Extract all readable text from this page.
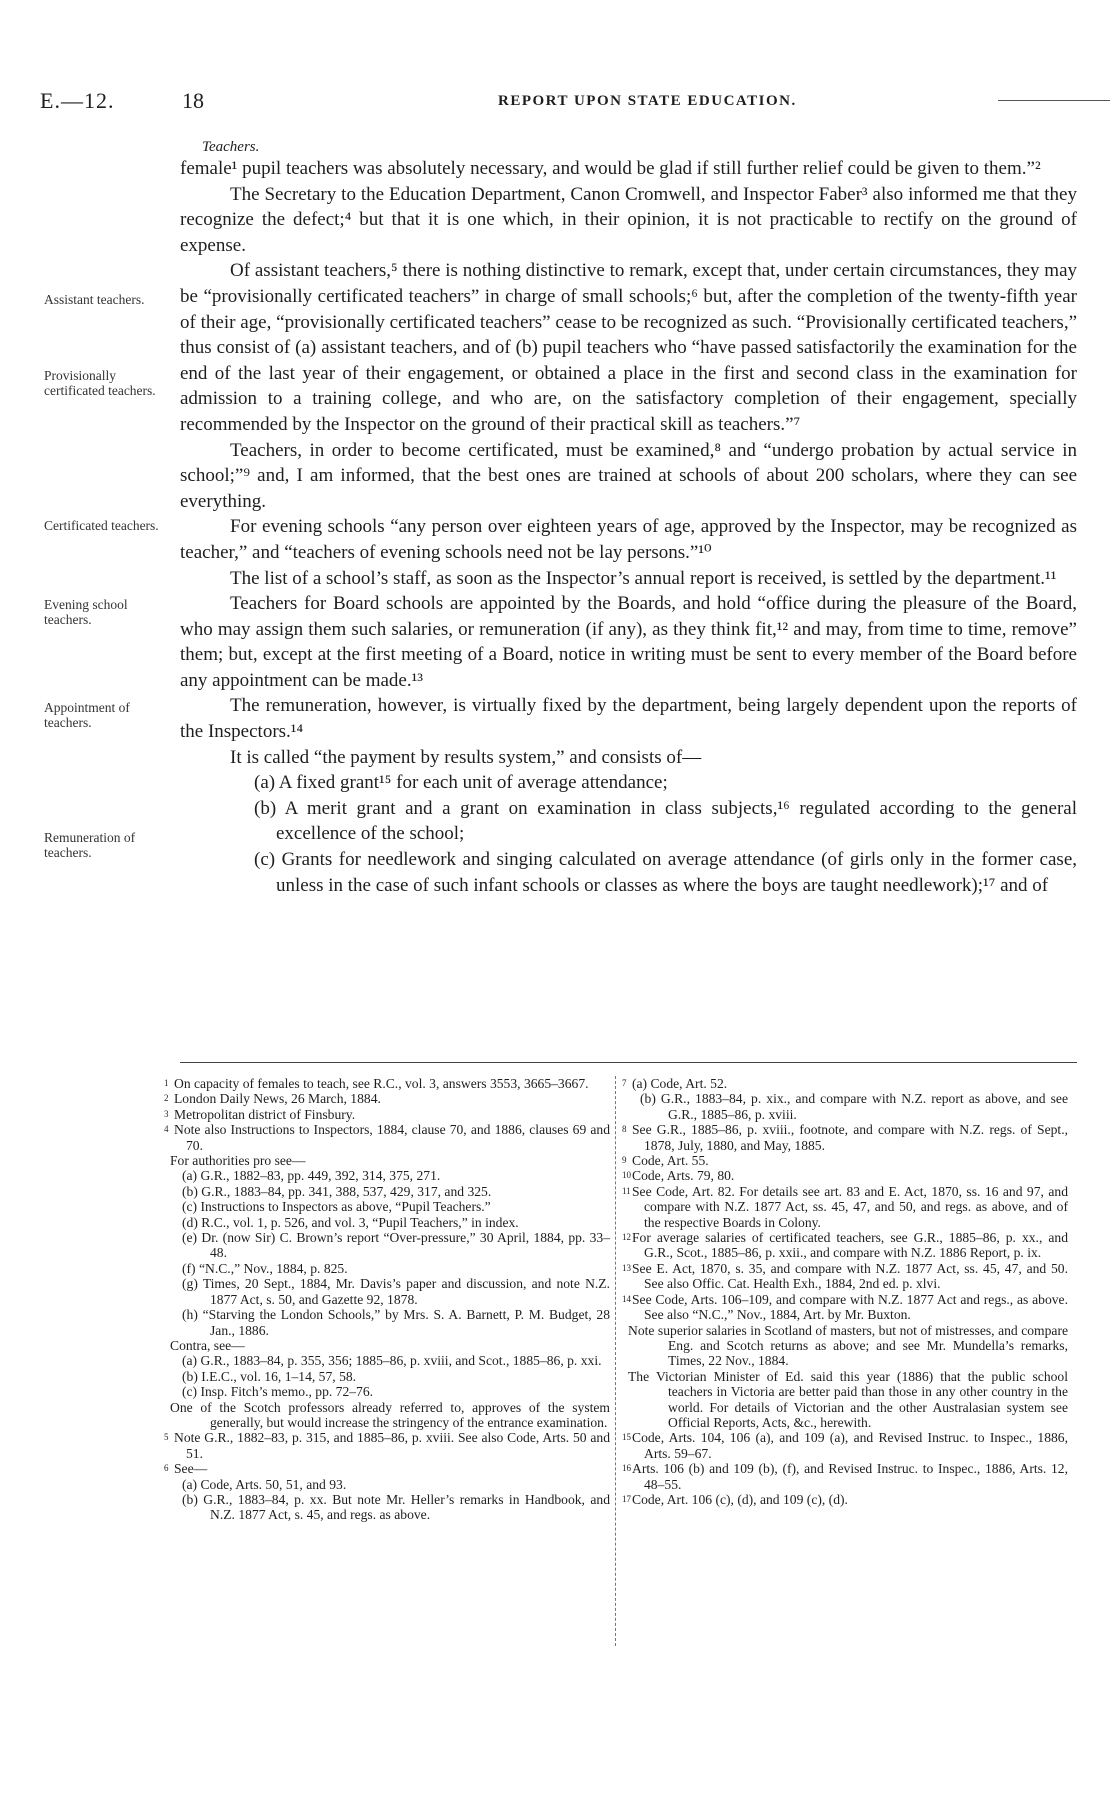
E.—12.	18	REPORT UPON STATE EDUCATION.
Assistant teachers.
Provisionally certificated teachers.
Certificated teachers.
Evening school teachers.
Appointment of teachers.
Remuneration of teachers.
Teachers.

female¹ pupil teachers was absolutely necessary, and would be glad if still further relief could be given to them.”²

The Secretary to the Education Department, Canon Cromwell, and Inspector Faber³ also informed me that they recognize the defect;⁴ but that it is one which, in their opinion, it is not practicable to rectify on the ground of expense.

Of assistant teachers,⁵ there is nothing distinctive to remark, except that, under certain circumstances, they may be “provisionally certificated teachers” in charge of small schools;⁶ but, after the completion of the twenty-fifth year of their age, “provisionally certificated teachers” cease to be recognized as such. “Provisionally certificated teachers,” thus consist of (a) assistant teachers, and of (b) pupil teachers who “have passed satisfactorily the examination for the end of the last year of their engagement, or obtained a place in the first and second class in the examination for admission to a training college, and who are, on the satisfactory completion of their engagement, specially recommended by the Inspector on the ground of their practical skill as teachers.”⁷

Teachers, in order to become certificated, must be examined,⁸ and “undergo probation by actual service in school;”⁹ and, I am informed, that the best ones are trained at schools of about 200 scholars, where they can see everything.

For evening schools “any person over eighteen years of age, approved by the Inspector, may be recognized as teacher,” and “teachers of evening schools need not be lay persons.”¹⁰

The list of a school’s staff, as soon as the Inspector’s annual report is received, is settled by the department.¹¹

Teachers for Board schools are appointed by the Boards, and hold “office during the pleasure of the Board, who may assign them such salaries, or remuneration (if any), as they think fit,¹² and may, from time to time, remove” them; but, except at the first meeting of a Board, notice in writing must be sent to every member of the Board before any appointment can be made.¹³

The remuneration, however, is virtually fixed by the department, being largely dependent upon the reports of the Inspectors.¹⁴

It is called “the payment by results system,” and consists of—

(a) A fixed grant¹⁵ for each unit of average attendance;

(b) A merit grant and a grant on examination in class subjects,¹⁶ regulated according to the general excellence of the school;

(c) Grants for needlework and singing calculated on average attendance (of girls only in the former case, unless in the case of such infant schools or classes as where the boys are taught needlework);¹⁷ and of

1 On capacity of females to teach, see R.C., vol. 3, answers 3553, 3665–3667.
2 London Daily News, 26 March, 1884.
3 Metropolitan district of Finsbury.
4 Note also Instructions to Inspectors, 1884, clause 70, and 1886, clauses 69 and 70.
For authorities pro see—
(a) G.R., 1882–83, pp. 449, 392, 314, 375, 271.
(b) G.R., 1883–84, pp. 341, 388, 537, 429, 317, and 325.
(c) Instructions to Inspectors as above, “Pupil Teachers.”
(d) R.C., vol. 1, p. 526, and vol. 3, “Pupil Teachers,” in index.
(e) Dr. (now Sir) C. Brown’s report “Over-pressure,” 30 April, 1884, pp. 33–48.
(f) “N.C.,” Nov., 1884, p. 825.
(g) Times, 20 Sept., 1884, Mr. Davis’s paper and discussion, and note N.Z. 1877 Act, s. 50, and Gazette 92, 1878.
(h) “Starving the London Schools,” by Mrs. S. A. Barnett, P. M. Budget, 28 Jan., 1886.
Contra, see—
(a) G.R., 1883–84, p. 355, 356; 1885–86, p. xviii, and Scot., 1885–86, p. xxi.
(b) I.E.C., vol. 16, 1–14, 57, 58.
(c) Insp. Fitch’s memo., pp. 72–76.
One of the Scotch professors already referred to, approves of the system generally, but would increase the stringency of the entrance examination.
5 Note G.R., 1882–83, p. 315, and 1885–86, p. xviii. See also Code, Arts. 50 and 51.
6 See—
(a) Code, Arts. 50, 51, and 93.
(b) G.R., 1883–84, p. xx. But note Mr. Heller’s remarks in Handbook, and N.Z. 1877 Act, s. 45, and regs. as above.
7 (a) Code, Art. 52.
(b) G.R., 1883–84, p. xix., and compare with N.Z. report as above, and see G.R., 1885–86, p. xviii.
8 See G.R., 1885–86, p. xviii., footnote, and compare with N.Z. regs. of Sept., 1878, July, 1880, and May, 1885.
9 Code, Art. 55.
10Code, Arts. 79, 80.
11See Code, Art. 82. For details see art. 83 and E. Act, 1870, ss. 16 and 97, and compare with N.Z. 1877 Act, ss. 45, 47, and 50, and regs. as above, and of the respective Boards in Colony.
12For average salaries of certificated teachers, see G.R., 1885–86, p. xx., and G.R., Scot., 1885–86, p. xxii., and compare with N.Z. 1886 Report, p. ix.
13See E. Act, 1870, s. 35, and compare with N.Z. 1877 Act, ss. 45, 47, and 50. See also Offic. Cat. Health Exh., 1884, 2nd ed. p. xlvi.
14See Code, Arts. 106–109, and compare with N.Z. 1877 Act and regs., as above. See also “N.C.,” Nov., 1884, Art. by Mr. Buxton.
Note superior salaries in Scotland of masters, but not of mistresses, and compare Eng. and Scotch returns as above; and see Mr. Mundella’s remarks, Times, 22 Nov., 1884.
The Victorian Minister of Ed. said this year (1886) that the public school teachers in Victoria are better paid than those in any other country in the world. For details of Victorian and the other Australasian system see Official Reports, Acts, &c., herewith.
15Code, Arts. 104, 106 (a), and 109 (a), and Revised Instruc. to Inspec., 1886, Arts. 59–67.
16Arts. 106 (b) and 109 (b), (f), and Revised Instruc. to Inspec., 1886, Arts. 12, 48–55.
17Code, Art. 106 (c), (d), and 109 (c), (d).
